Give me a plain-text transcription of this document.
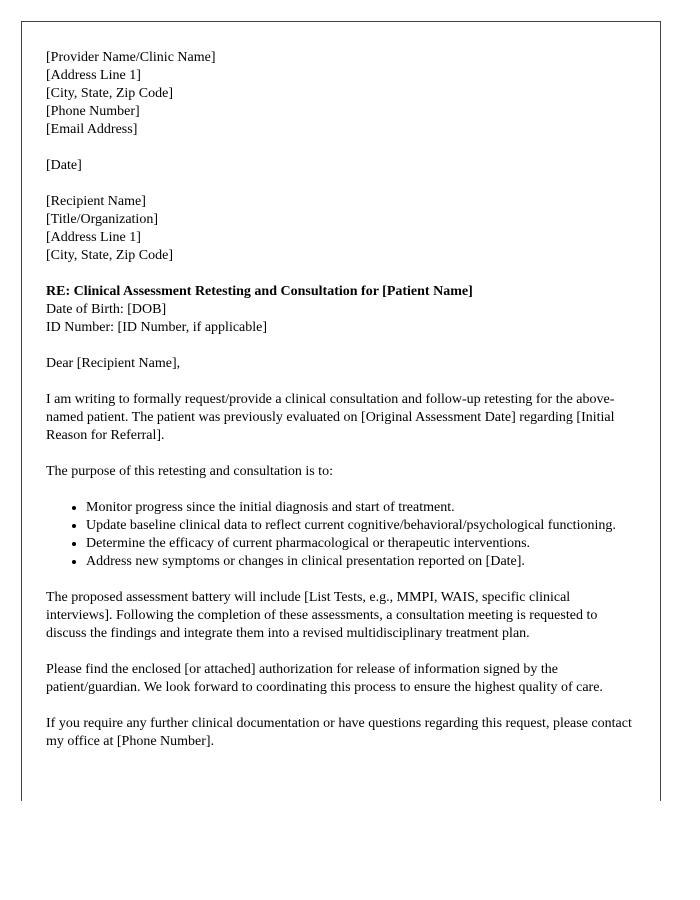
[Provider Name/Clinic Name]
[Address Line 1]
[City, State, Zip Code]
[Phone Number]
[Email Address]

[Date]

[Recipient Name]
[Title/Organization]
[Address Line 1]
[City, State, Zip Code]
RE: Clinical Assessment Retesting and Consultation for [Patient Name]
Date of Birth: [DOB]
ID Number: [ID Number, if applicable]

Dear [Recipient Name],

I am writing to formally request/provide a clinical consultation and follow-up retesting for the above-named patient. The patient was previously evaluated on [Original Assessment Date] regarding [Initial Reason for Referral].

The purpose of this retesting and consultation is to:

• Monitor progress since the initial diagnosis and start of treatment.
• Update baseline clinical data to reflect current cognitive/behavioral/psychological functioning.
• Determine the efficacy of current pharmacological or therapeutic interventions.
• Address new symptoms or changes in clinical presentation reported on [Date].

The proposed assessment battery will include [List Tests, e.g., MMPI, WAIS, specific clinical interviews]. Following the completion of these assessments, a consultation meeting is requested to discuss the findings and integrate them into a revised multidisciplinary treatment plan.

Please find the enclosed [or attached] authorization for release of information signed by the patient/guardian. We look forward to coordinating this process to ensure the highest quality of care.

If you require any further clinical documentation or have questions regarding this request, please contact my office at [Phone Number].
